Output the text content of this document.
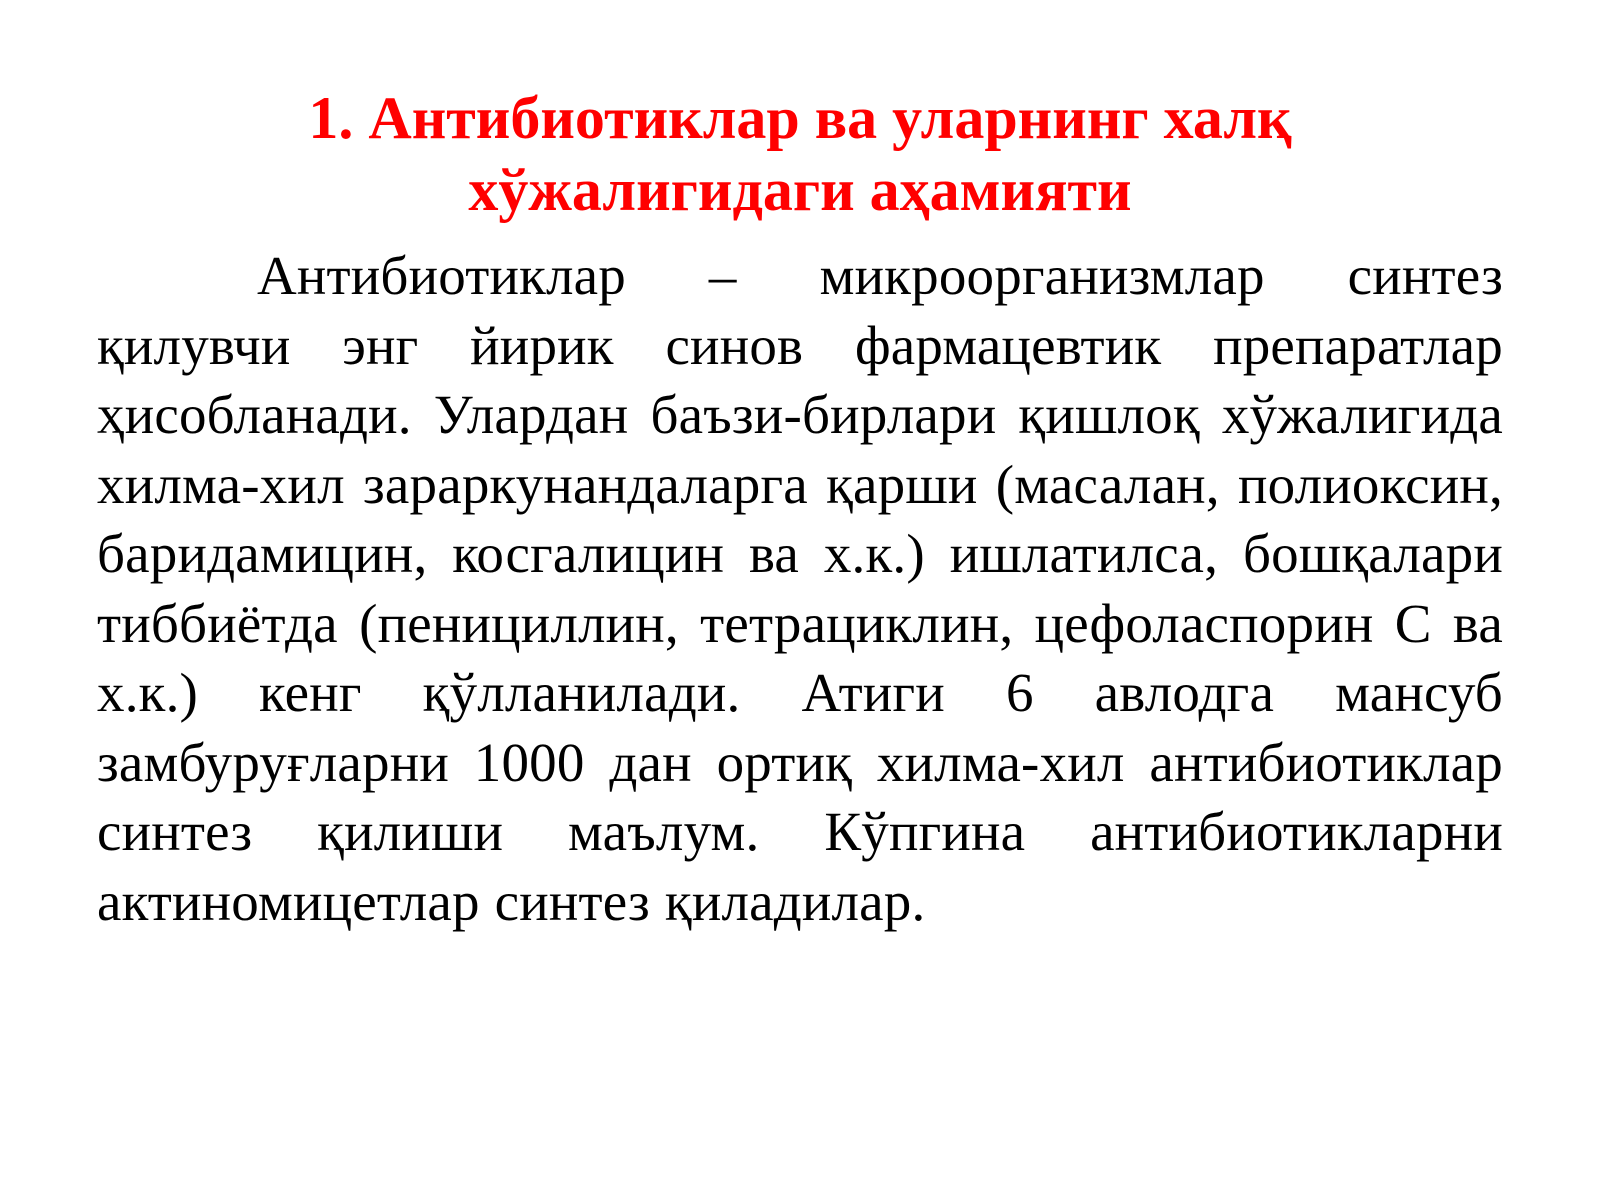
1. Антибиотиклар ва уларнинг халқ
хўжалигидаги аҳамияти

Антибиотиклар – микроорганизмлар синтез қилувчи энг йирик синов фармацевтик препаратлар ҳисобланади. Улардан баъзи-бирлари қишлоқ хўжалигида хилма-хил зараркунандаларга қарши (масалан, полиоксин, баридамицин, косгалицин ва х.к.) ишлатилса, бошқалари тиббиётда (пенициллин, тетрациклин, цефоласпорин С ва х.к.) кенг қўлланилади. Атиги 6 авлодга мансуб замбуруғларни 1000 дан ортиқ хилма-хил антибиотиклар синтез қилиши маълум. Кўпгина антибиотикларни актиномицетлар синтез қиладилар.
